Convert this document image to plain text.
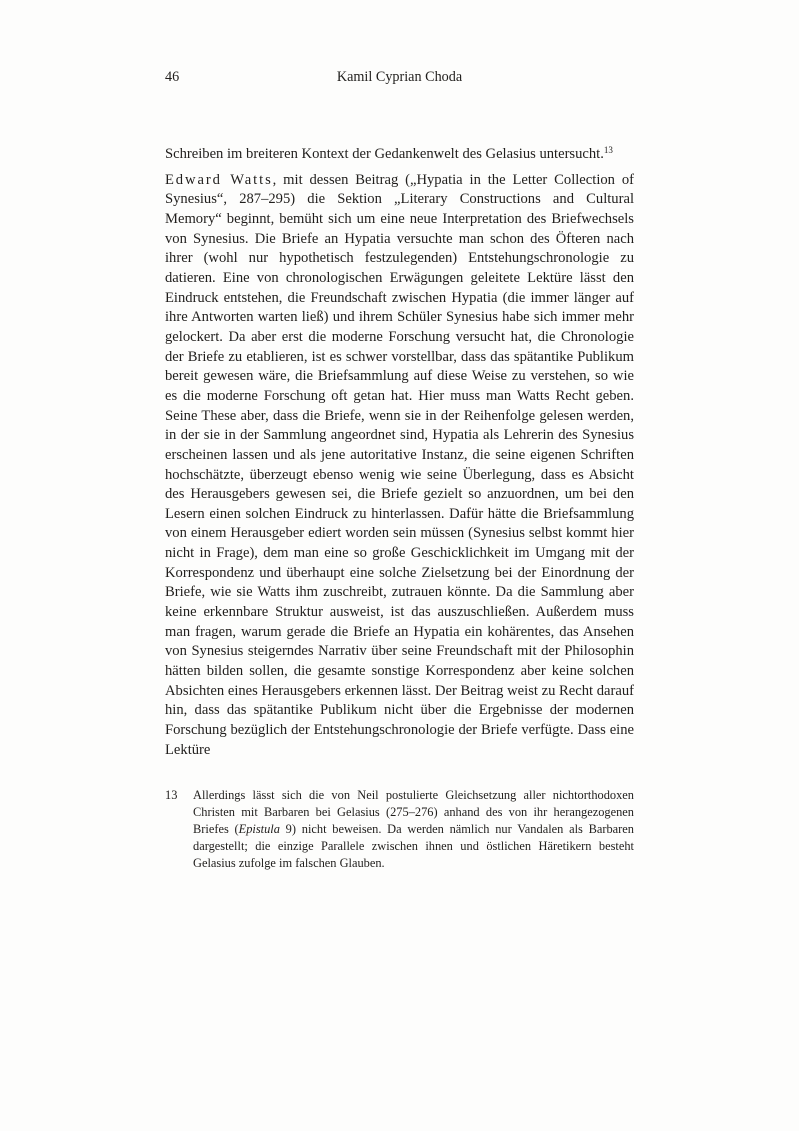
46	Kamil Cyprian Choda

Schreiben im breiteren Kontext der Gedankenwelt des Gelasius untersucht.$^{13}$

Edward Watts, mit dessen Beitrag („Hypatia in the Letter Collection of Synesius“, 287–295) die Sektion „Literary Constructions and Cultural Memory“ beginnt, bemüht sich um eine neue Interpretation des Briefwechsels von Synesius. Die Briefe an Hypatia versuchte man schon des Öfteren nach ihrer (wohl nur hypothetisch festzulegenden) Entstehungschronologie zu datieren. Eine von chronologischen Erwägungen geleitete Lektüre lässt den Eindruck entstehen, die Freundschaft zwischen Hypatia (die immer länger auf ihre Antworten warten ließ) und ihrem Schüler Synesius habe sich immer mehr gelockert. Da aber erst die moderne Forschung versucht hat, die Chronologie der Briefe zu etablieren, ist es schwer vorstellbar, dass das spätantike Publikum bereit gewesen wäre, die Briefsammlung auf diese Weise zu verstehen, so wie es die moderne Forschung oft getan hat. Hier muss man Watts Recht geben. Seine These aber, dass die Briefe, wenn sie in der Reihenfolge gelesen werden, in der sie in der Sammlung angeordnet sind, Hypatia als Lehrerin des Synesius erscheinen lassen und als jene autoritative Instanz, die seine eigenen Schriften hochschätzte, überzeugt ebenso wenig wie seine Überlegung, dass es Absicht des Herausgebers gewesen sei, die Briefe gezielt so anzuordnen, um bei den Lesern einen solchen Eindruck zu hinterlassen. Dafür hätte die Briefsammlung von einem Herausgeber ediert worden sein müssen (Synesius selbst kommt hier nicht in Frage), dem man eine so große Geschicklichkeit im Umgang mit der Korrespondenz und überhaupt eine solche Zielsetzung bei der Einordnung der Briefe, wie sie Watts ihm zuschreibt, zutrauen könnte. Da die Sammlung aber keine erkennbare Struktur ausweist, ist das auszuschließen. Außerdem muss man fragen, warum gerade die Briefe an Hypatia ein kohärentes, das Ansehen von Synesius steigerndes Narrativ über seine Freundschaft mit der Philosophin hätten bilden sollen, die gesamte sonstige Korrespondenz aber keine solchen Absichten eines Herausgebers erkennen lässt. Der Beitrag weist zu Recht darauf hin, dass das spätantike Publikum nicht über die Ergebnisse der modernen Forschung bezüglich der Entstehungschronologie der Briefe verfügte. Dass eine Lektüre

13	Allerdings lässt sich die von Neil postulierte Gleichsetzung aller nichtorthodoxen Christen mit Barbaren bei Gelasius (275–276) anhand des von ihr herangezogenen Briefes (Epistula 9) nicht beweisen. Da werden nämlich nur Vandalen als Barbaren dargestellt; die einzige Parallele zwischen ihnen und östlichen Häretikern besteht Gelasius zufolge im falschen Glauben.
